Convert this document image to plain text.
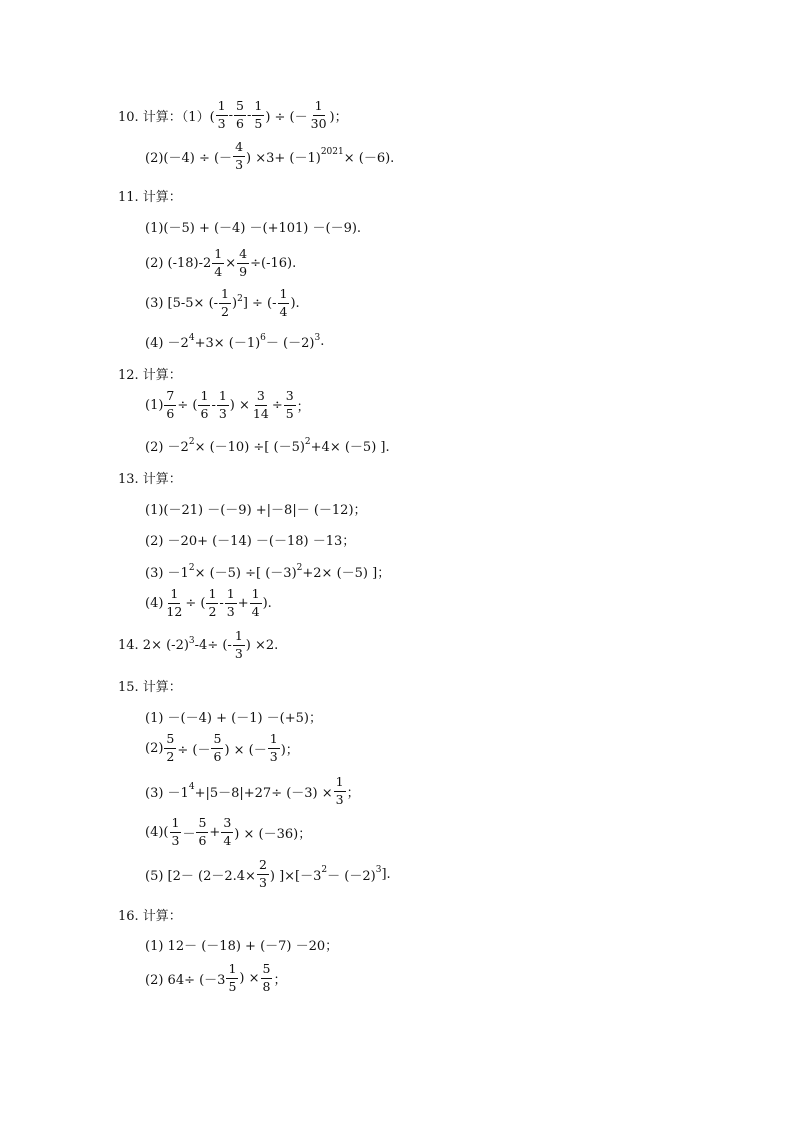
10. 计算：$(1)( \frac{1}{3} - \frac{5}{6} - \frac{1}{5}$ ) ÷ (－ $\frac{1}{30}$ )；
(2)(－4) ÷ (－ $\frac{4}{3}$ ) $\times 3+ (-1)^{2021} \times (-6)$.
11. 计算：
(1)(－5) + (－4) －(+101) －(－9).
(2) $(-18)-2 \frac{1}{4} \times \frac{4}{9} \div(-16)$.
(3) [5-5× (- $\frac{1}{2} )^2$ ] ÷ (- $\frac{1}{4}$ ).
$(4) -2^4 +3\times (-1)^6 - (-2)^3$ .
12. 计算：
$(1) \frac{7}{6}$ ÷ ( $\frac{1}{6} - \frac{1}{3}$ ) × $\frac{3}{14} \div \frac{3}{5}$ ；
$(2) -2^2 \times (-10)$ ÷[ $(-5)^2 +4\times (-5)$ ].
13. 计算：
(1)(－21) －(－9) +|－8|－ (－12)；
(2) －20+ (－14) －(－18) －13；
$(3) -1^2 \times (-5)$ ÷[ $(-3)^2 +2\times (-5)$ ]；
$(4) \frac{1}{12}$ ÷ ( $\frac{1}{2} - \frac{1}{3} + \frac{1}{4}$ ).
14. $2\times (-2)^3$ -4÷ (- $\frac{1}{3}$ ) ×2.
15. 计算：
(1) －(－4) + (－1) －(+5)；
$(2) \frac{5}{2}$ ÷ (－ $\frac{5}{6}$ ) × (－ $\frac{1}{3}$ )；
$(3) -1^4 +|5-8|+27\div (-3) \times \frac{1}{3}$ ；
$(4)( \frac{1}{3} - \frac{5}{6} + \frac{3}{4}$ ) × (－36)；
(5) [$2- (2-2.4\times \frac{2}{3}$ ) ]$\times[-3^2 - (-2)^3$ ].
16. 计算：
(1) 12－ (－18) + (－7) －20；
(2) $64\div (-3 \frac{1}{5}$ ) × $\frac{5}{8}$ ；
